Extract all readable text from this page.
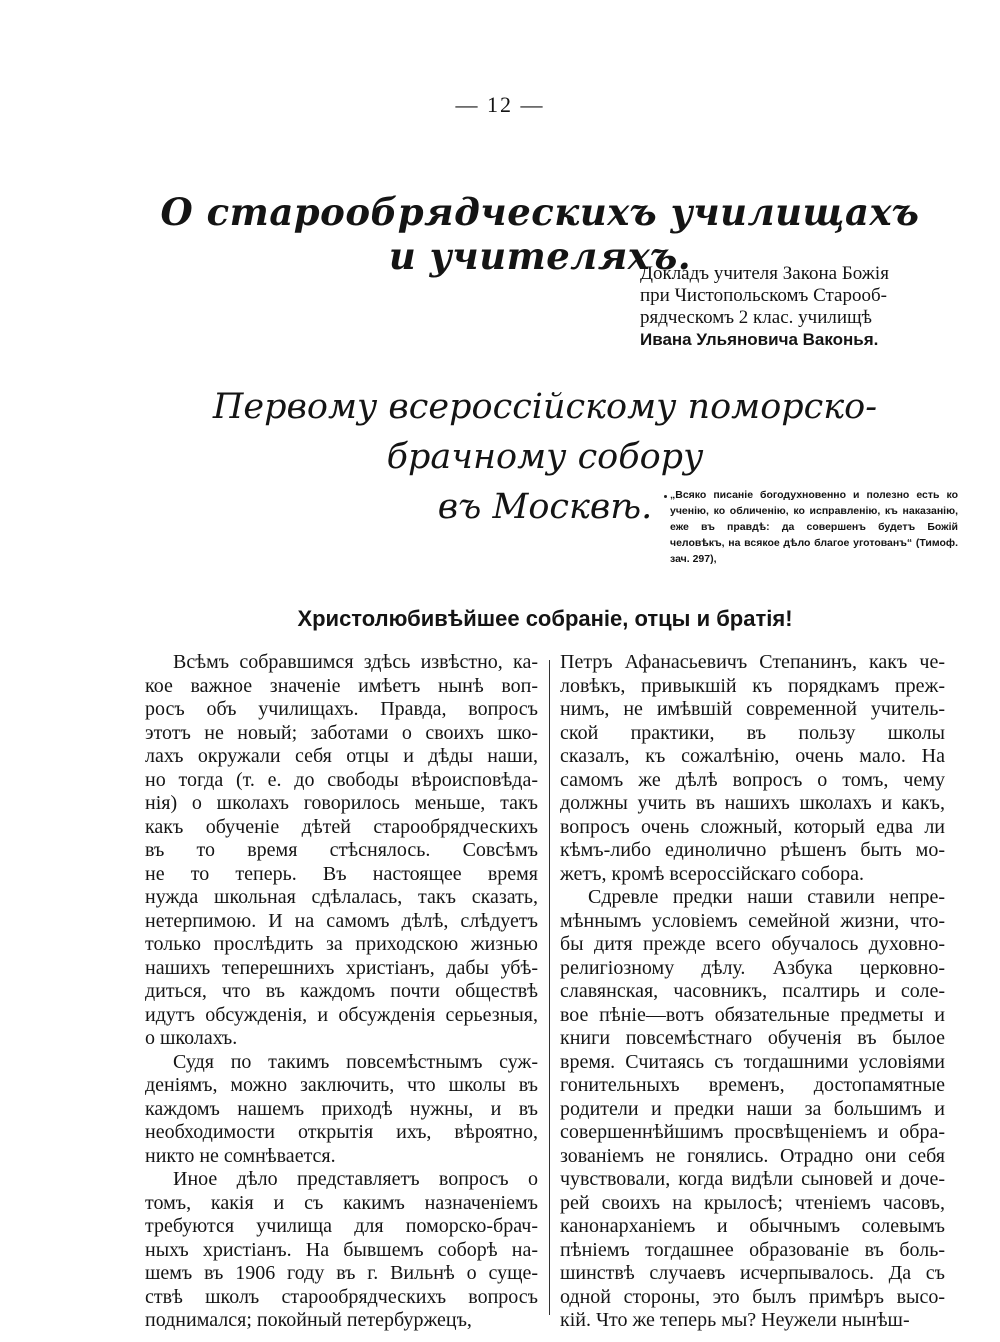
— 12 —
О старообрядческихъ училищахъ и учителяхъ.
Докладъ учителя Закона Божія
при Чистопольскомъ Старооб-
рядческомъ 2 клас. училищѣ
Ивана Ульяновича Ваконья.
Первому всероссійскому поморско-брачному собору
въ Москвѣ.	„Всяко писаніе богодухновенно и полезно есть ко ученію, ко обличенію, ко исправленію, къ наказанію, еже въ правдѣ: да совершенъ будетъ Божій человѣкъ, на всякое дѣло благое уготованъ“ (Тимоф. зач. 297),
Христолюбивѣйшее собраніе, отцы и братія!
Всѣмъ собравшимся здѣсь извѣстно, ка-
кое важное значеніе имѣетъ нынѣ воп-
росъ объ училищахъ. Правда, вопросъ
этотъ не новый; заботами о своихъ шко-
лахъ окружали себя отцы и дѣды наши,
но тогда (т. е. до свободы вѣроисповѣда-
нія) о школахъ говорилось меньше, такъ
какъ обученіе дѣтей старообрядческихъ
въ то время стѣснялось. Совсѣмъ
не то теперь. Въ настоящее время
нужда школьная сдѣлалась, такъ сказать,
нетерпимою. И на самомъ дѣлѣ, слѣдуетъ
только прослѣдить за приходскою жизнью
нашихъ теперешнихъ христіанъ, дабы убѣ-
диться, что въ каждомъ почти обществѣ
идутъ обсужденія, и обсужденія серьезныя,
о школахъ.
Судя по такимъ повсемѣстнымъ суж-
деніямъ, можно заключить, что школы въ
каждомъ нашемъ приходѣ нужны, и въ
необходимости открытія ихъ, вѣроятно,
никто не сомнѣвается.
Иное дѣло представляетъ вопросъ о
томъ, какія и съ какимъ назначеніемъ
требуются училища для поморско-брач-
ныхъ христіанъ. На бывшемъ соборѣ на-
шемъ въ 1906 году въ г. Вильнѣ о суще-
ствѣ школъ старообрядческихъ вопросъ
поднимался; покойный петербуржецъ,
Петръ Афанасьевичъ Степанинъ, какъ че-
ловѣкъ, привыкшій къ порядкамъ преж-
нимъ, не имѣвшій современной учитель-
ской практики, въ пользу школы
сказалъ, къ сожалѣнію, очень мало. На
самомъ же дѣлѣ вопросъ о томъ, чему
должны учить въ нашихъ школахъ и какъ,
вопросъ очень сложный, который едва ли
кѣмъ-либо единолично рѣшенъ быть мо-
жетъ, кромѣ всероссійскаго собора.
Сдревле предки наши ставили непре-
мѣннымъ условіемъ семейной жизни, что-
бы дитя прежде всего обучалось духовно-
религіозному дѣлу. Азбука церковно-
славянская, часовникъ, псалтирь и соле-
вое пѣніе—вотъ обязательные предметы и
книги повсемѣстнаго обученія въ былое
время. Считаясь съ тогдашними условіями
гонительныхъ временъ, достопамятные
родители и предки наши за большимъ и
совершеннѣйшимъ просвѣщеніемъ и обра-
зованіемъ не гонялись. Отрадно они себя
чувствовали, когда видѣли сыновей и доче-
рей своихъ на крылосѣ; чтеніемъ часовъ,
канонарханіемъ и обычнымъ солевымъ
пѣніемъ тогдашнее образованіе въ боль-
шинствѣ случаевъ исчерпывалось. Да съ
одной стороны, это былъ примѣръ высо-
кій. Что же теперь мы? Неужели нынѣш-
